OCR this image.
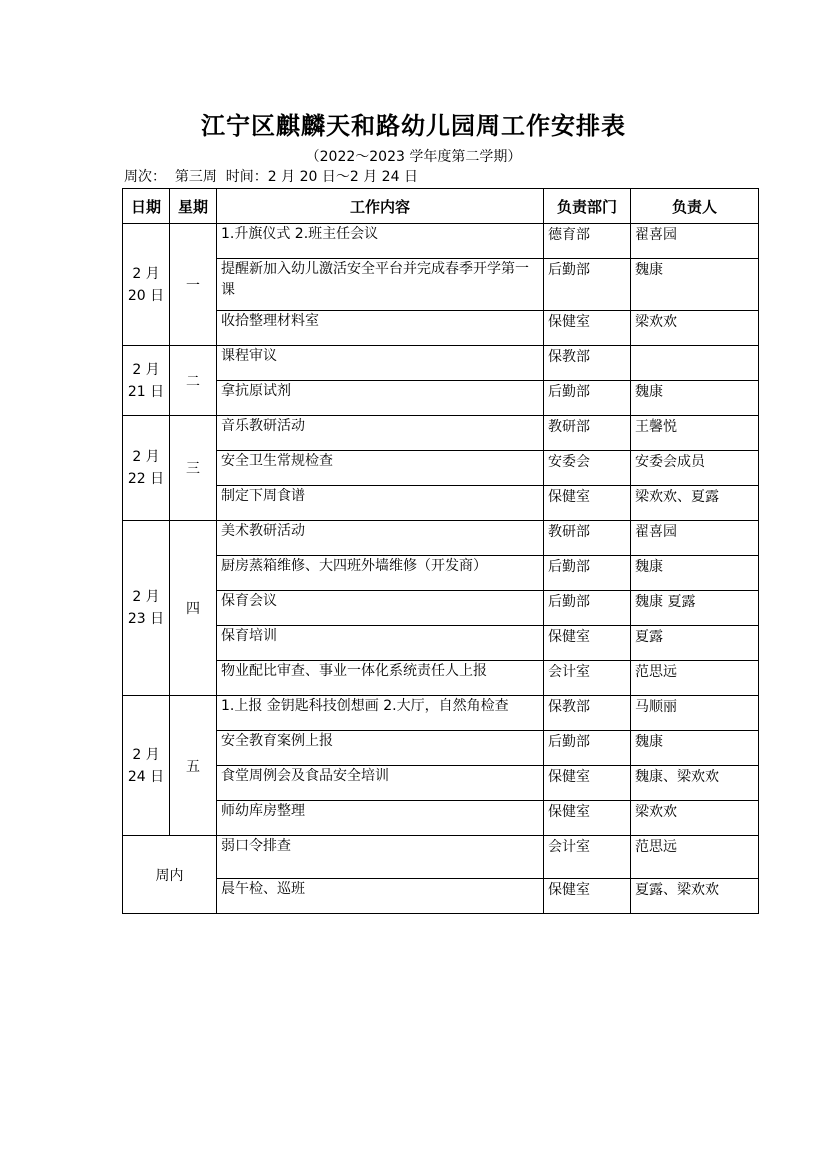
江宁区麒麟天和路幼儿园周工作安排表
（2022～2023 学年度第二学期）
周次：  第三周  时间：2 月 20 日～2 月 24 日
日期	星期	工作内容	负责部门	负责人
2 月
20 日	一	1.升旗仪式 2.班主任会议	德育部	翟喜园
		提醒新加入幼儿激活安全平台并完成春季开学第一课	后勤部	魏康
		收拾整理材料室	保健室	梁欢欢
2 月
21 日	二	课程审议	保教部	
		拿抗原试剂	后勤部	魏康
2 月
22 日	三	音乐教研活动	教研部	王馨悦
		安全卫生常规检查	安委会	安委会成员
		制定下周食谱	保健室	梁欢欢、夏露
2 月
23 日	四	美术教研活动	教研部	翟喜园
		厨房蒸箱维修、大四班外墙维修（开发商）	后勤部	魏康
		保育会议	后勤部	魏康 夏露
		保育培训	保健室	夏露
		物业配比审查、事业一体化系统责任人上报	会计室	范思远
2 月
24 日	五	1.上报 金钥匙科技创想画 2.大厅，自然角检查	保教部	马顺丽
		安全教育案例上报	后勤部	魏康
		食堂周例会及食品安全培训	保健室	魏康、梁欢欢
		师幼库房整理	保健室	梁欢欢
周内		弱口令排查	会计室	范思远
		晨午检、巡班	保健室	夏露、梁欢欢
